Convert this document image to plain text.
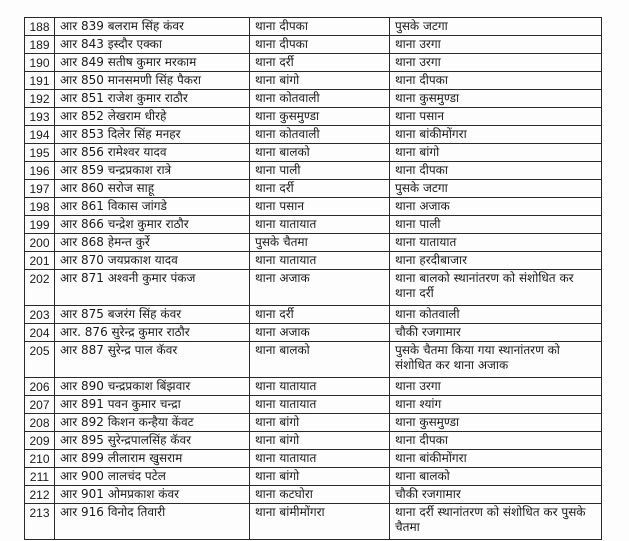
188	आर 839 बलराम सिंह कंवर	थाना दीपका	पुसके जटगा

189	आर 843 इस्दौर एक्का	थाना दीपका	थाना उरगा

190	आर 849 सतीष कुमार मरकाम	थाना दर्री	थाना उरगा

191	आर 850 मानसमणी सिंह पैकरा	थाना बांगो	थाना दीपका

192	आर 851 राजेश कुमार राठौर	थाना कोतवाली	थाना कुसमुण्डा

193	आर 852 लेखराम धीरहे	थाना कुसमुण्डा	थाना पसान

194	आर 853 दिलेर सिंह मनहर	थाना कोतवाली	थाना बांकीमोंगरा

195	आर 856 रामेश्वर यादव	थाना बालको	थाना बांगो

196	आर 859 चन्द्रप्रकाश रात्रे	थाना पाली	थाना दीपका

197	आर 860 सरोज साहू	थाना दर्री	पुसके जटगा

198	आर 861 विकास जांगडे	थाना पसान	थाना अजाक

199	आर 866 चन्द्रेश कुमार राठौर	थाना यातायात	थाना पाली

200	आर 868 हेमन्त कुर्रे	पुसके चैतमा	थाना यातायात

201	आर 870 जयप्रकाश यादव	थाना यातायात	थाना हरदीबाजार

202	आर 871 अश्वनी कुमार पंकज	थाना अजाक	थाना बालको स्थानांतरण को संशोधित कर थाना दर्री

203	आर 875 बजरंग सिंह कंवर	थाना दर्री	थाना कोतवाली

204	आर. 876 सुरेन्द्र कुमार राठौर	थाना अजाक	चौकी रजगामार

205	आर 887 सुरेन्द्र पाल कॅवर	थाना बालको	पुसके चैतमा किया गया स्थानांतरण को संशोधित कर थाना अजाक

206	आर 890 चन्द्रप्रकाश बिंझवार	थाना यातायात	थाना उरगा

207	आर 891 पवन कुमार चन्द्रा	थाना यातायात	थाना श्यांग

208	आर 892 किशन कन्हैया केंवट	थाना बांगो	थाना कुसमुण्डा

209	आर 895 सुरेन्द्रपालसिंह कॅवर	थाना बांगो	थाना दीपका

210	आर 899 लीलाराम खुसराम	थाना यातायात	थाना बांकीमोंगरा

211	आर 900 लालचंद पटेल	थाना बांगो	थाना बालको

212	आर 901 ओमप्रकाश कंवर	थाना कटघोरा	चौकी रजगामार

213	आर 916 विनोद तिवारी	थाना बांमीमोंगरा	थाना दर्री स्थानांतरण को संशोधित कर पुसके चैतमा
